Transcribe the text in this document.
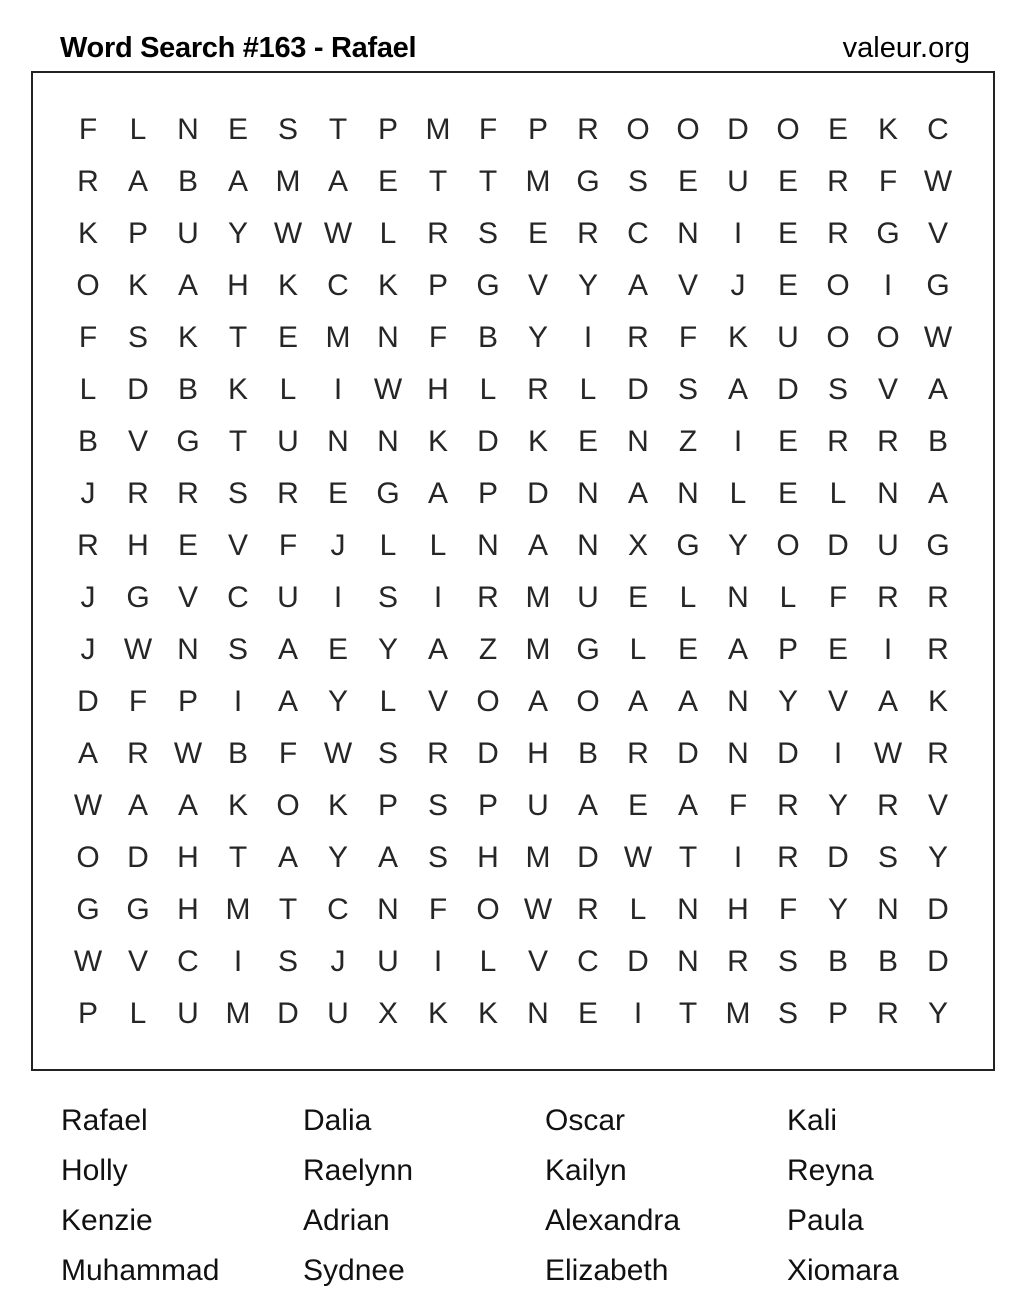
Word Search #163 - Rafael	valeur.org
F	L	N E S	T	P M F	P R O O D O E K C
R A B A M A E	T	T M G S E U E R	F W
K P U Y W W L	R S E R C N	I	E R G V
O K A H K C K P G V Y A V	J	E O	I	G
F	S K	T	E M N	F	B Y	I	R	F	K U O O W
L	D B K	L	I	W H	L	R	L	D S A D S V A
B V G T	U N N K D K E N	Z	I	E R R B
J	R R S R E G A P D N A N	L	E	L	N A
R H E V	F	J	L	L	N A N X G Y O D U G
J	G V C U	I	S	I	R M U E	L	N	L	F	R R
J W N S A E Y A	Z M G L	E A P E	I	R
D	F	P	I	A Y	L	V O A O A A N Y V A K
A R W B	F W S R D H B R D N D	I	W R
W A A K O K P S P U A E A	F	R Y R V
O D H	T	A Y A S H M D W T	I	R D S Y
G G H M T	C N	F O W R	L	N H	F	Y N D
W V C	I	S	J	U	I	L	V C D N R S B B D
P	L	U M D U X K K N E	I	T M S P R Y
Rafael	Dalia	Oscar	Kali
Holly	Raelynn	Kailyn	Reyna
Kenzie	Adrian	Alexandra	Paula
Muhammad	Sydnee	Elizabeth	Xiomara
